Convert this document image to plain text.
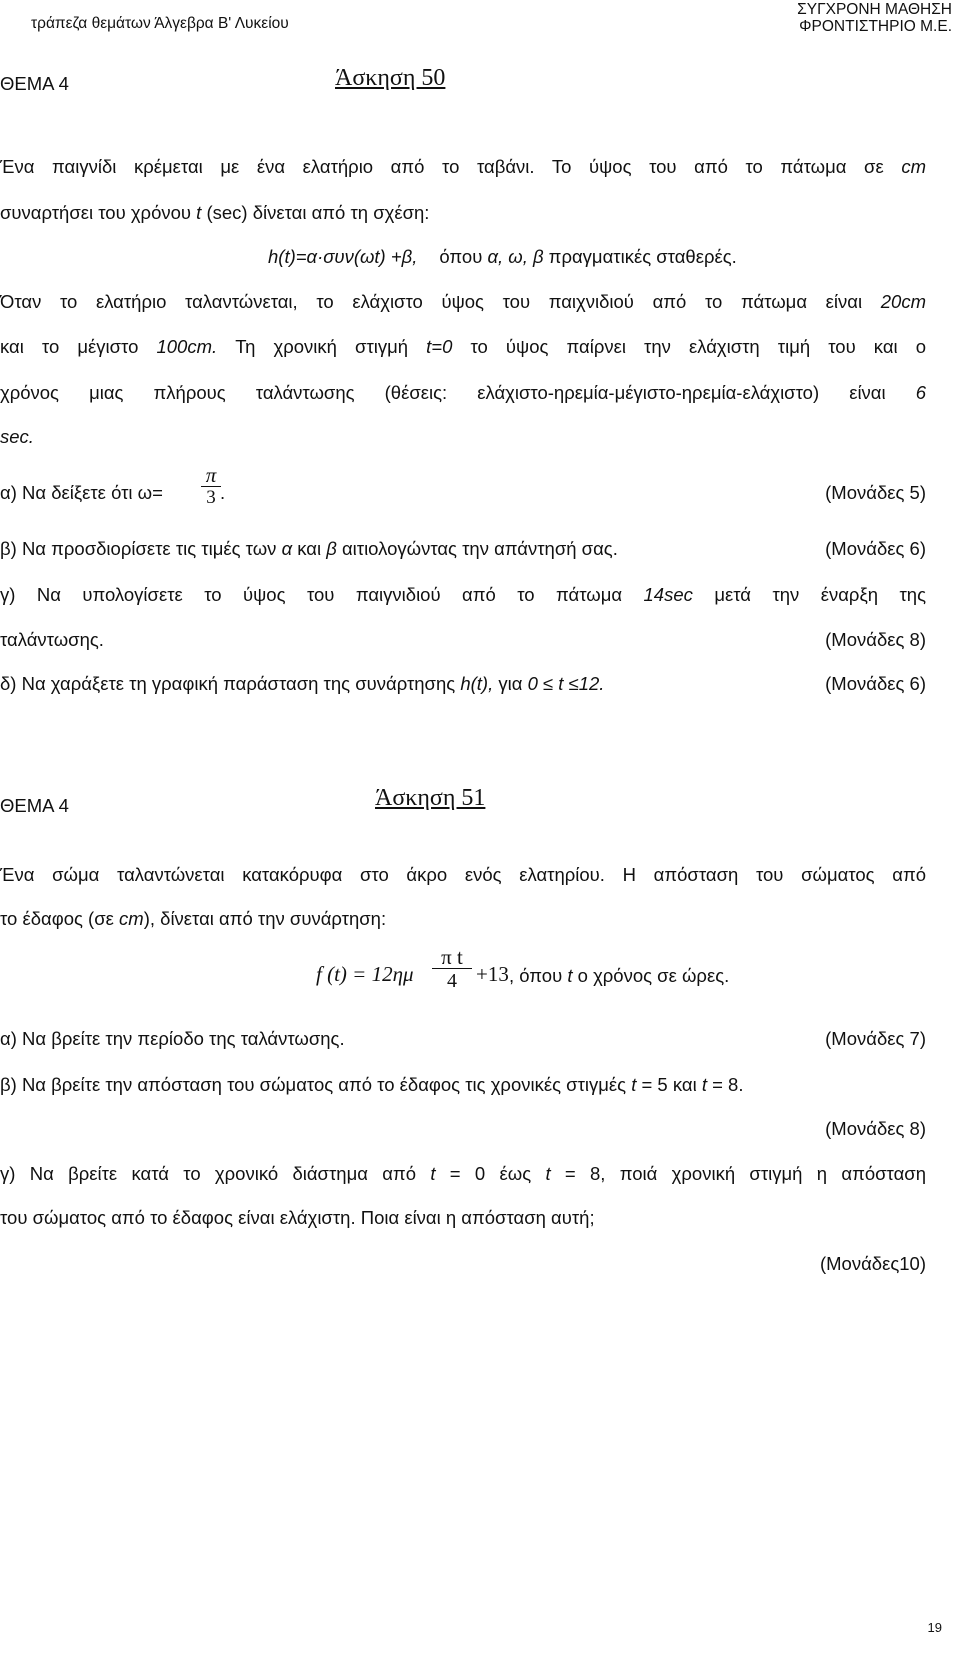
τράπεζα θεμάτων Άλγεβρα Β' Λυκείου
ΣΥΓΧΡΟΝΗ ΜΑΘΗΣΗ
ΦΡΟΝΤΙΣΤΗΡΙΟ Μ.Ε.
ΘΕΜΑ 4	Άσκηση 50
Ένα παιγνίδι κρέμεται με ένα ελατήριο από το ταβάνι. Το ύψος του από το πάτωμα σε cm
συναρτήσει του χρόνου t (sec) δίνεται από τη σχέση:
h(t)=α·συν(ωt) +β, όπου α, ω, β πραγματικές σταθερές.
Όταν το ελατήριο ταλαντώνεται, το ελάχιστο ύψος του παιχνιδιού από το πάτωμα είναι 20cm
και το μέγιστο 100cm. Τη χρονική στιγμή t=0 το ύψος παίρνει την ελάχιστη τιμή του και ο
χρόνος μιας πλήρους ταλάντωσης (θέσεις: ελάχιστο-ηρεμία-μέγιστο-ηρεμία-ελάχιστο) είναι 6
sec.
α) Να δείξετε ότι ω=
π
3 .	(Μονάδες 5)
β) Να προσδιορίσετε τις τιμές των α και β αιτιολογώντας την απάντησή σας.	(Μονάδες 6)
γ) Να υπολογίσετε το ύψος του παιγνιδιού από το πάτωμα 14sec μετά την έναρξη της
ταλάντωσης.	(Μονάδες 8)
δ) Να χαράξετε τη γραφική παράσταση της συνάρτησης h(t), για 0 ≤ t ≤12.	(Μονάδες 6)
ΘΕΜΑ 4	Άσκηση 51
Ένα σώμα ταλαντώνεται κατακόρυφα στο άκρο ενός ελατηρίου. Η απόσταση του σώματος από
το έδαφος (σε cm), δίνεται από την συνάρτηση:
f (t) = 12ημ
π t
4 +13 , όπου t ο χρόνος σε ώρες.
α) Να βρείτε την περίοδο της ταλάντωσης.	(Μονάδες 7)
β) Να βρείτε την απόσταση του σώματος από το έδαφος τις χρονικές στιγμές t = 5 και t = 8.
(Μονάδες 8)
γ) Να βρείτε κατά το χρονικό διάστημα από t = 0 έως t = 8, ποιά χρονική στιγμή η απόσταση
του σώματος από το έδαφος είναι ελάχιστη. Ποια είναι η απόσταση αυτή;
(Μονάδες10)
19
